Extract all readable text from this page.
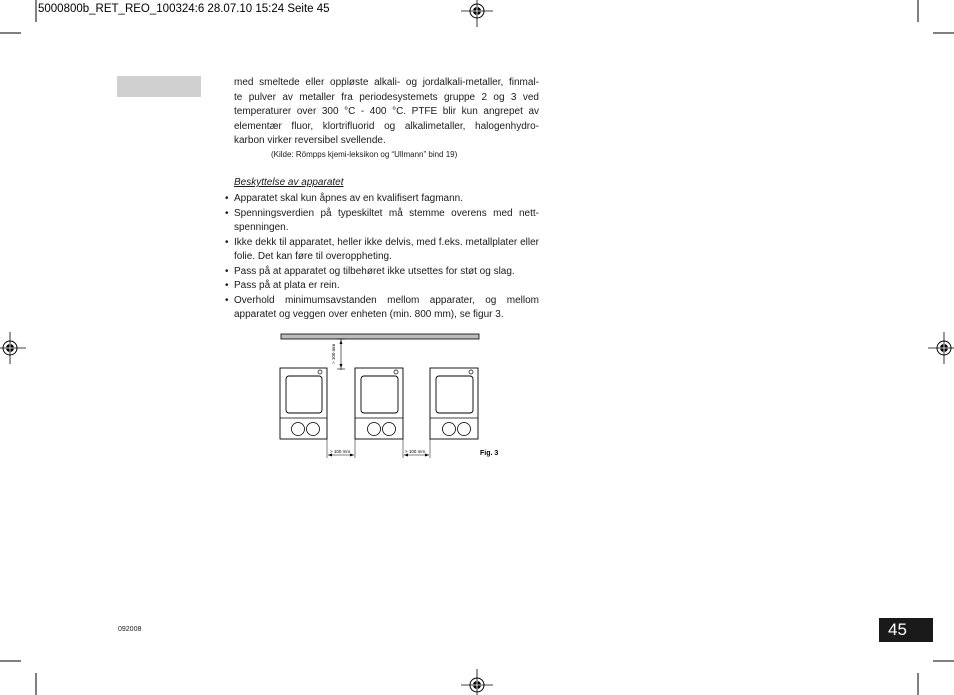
5000800b_RET_REO_100324:6 28.07.10 15:24 Seite 45
med smeltede eller oppløste alkali- og jordalkali-metaller, finmal-
te pulver av metaller fra periodesystemets gruppe 2 og 3 ved
temperaturer over 300 °C - 400 °C. PTFE blir kun angrepet av
elementær fluor, klortrifluorid og alkalimetaller, halogenhydro-
karbon virker reversibel svellende.
(Kilde: Römpps kjemi-leksikon og “Ullmann” bind 19)
Beskyttelse av apparatet
• Apparatet skal kun åpnes av en kvalifisert fagmann.
• Spenningsverdien på typeskiltet må stemme overens med nett-spenningen.
• Ikke dekk til apparatet, heller ikke delvis, med f.eks. metallplater eller folie. Det kan føre til overoppheting.
• Pass på at apparatet og tilbehøret ikke utsettes for støt og slag.
• Pass på at plata er rein.
• Overhold minimumsavstanden mellom apparater, og mellom apparatet og veggen over enheten (min. 800 mm), se figur 3.
> 100 mm
> 100 mm	> 100 mm	Fig. 3
092008	45
